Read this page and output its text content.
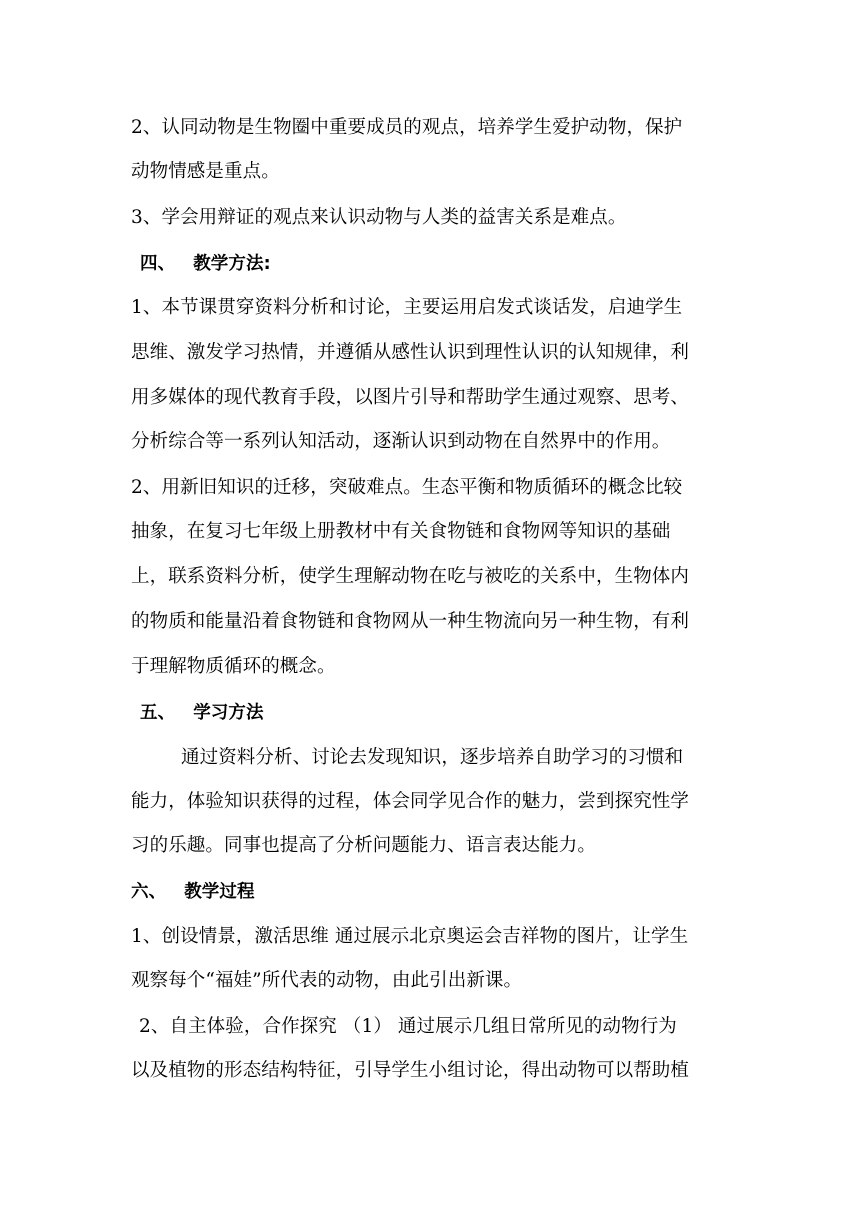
2、认同动物是生物圈中重要成员的观点，培养学生爱护动物，保护
动物情感是重点。
3、学会用辩证的观点来认识动物与人类的益害关系是难点。
四、 教学方法:
1、本节课贯穿资料分析和讨论，主要运用启发式谈话发，启迪学生
思维、激发学习热情，并遵循从感性认识到理性认识的认知规律，利
用多媒体的现代教育手段，以图片引导和帮助学生通过观察、思考、
分析综合等一系列认知活动，逐渐认识到动物在自然界中的作用。
2、用新旧知识的迁移，突破难点。生态平衡和物质循环的概念比较
抽象，在复习七年级上册教材中有关食物链和食物网等知识的基础
上，联系资料分析，使学生理解动物在吃与被吃的关系中，生物体内
的物质和能量沿着食物链和食物网从一种生物流向另一种生物，有利
于理解物质循环的概念。
五、 学习方法
通过资料分析、讨论去发现知识，逐步培养自助学习的习惯和
能力，体验知识获得的过程，体会同学见合作的魅力，尝到探究性学
习的乐趣。同事也提高了分析问题能力、语言表达能力。
六、 教学过程
1、创设情景，激活思维 通过展示北京奥运会吉祥物的图片，让学生
观察每个“福娃”所代表的动物，由此引出新课。
2、自主体验，合作探究 （1） 通过展示几组日常所见的动物行为
以及植物的形态结构特征，引导学生小组讨论，得出动物可以帮助植
